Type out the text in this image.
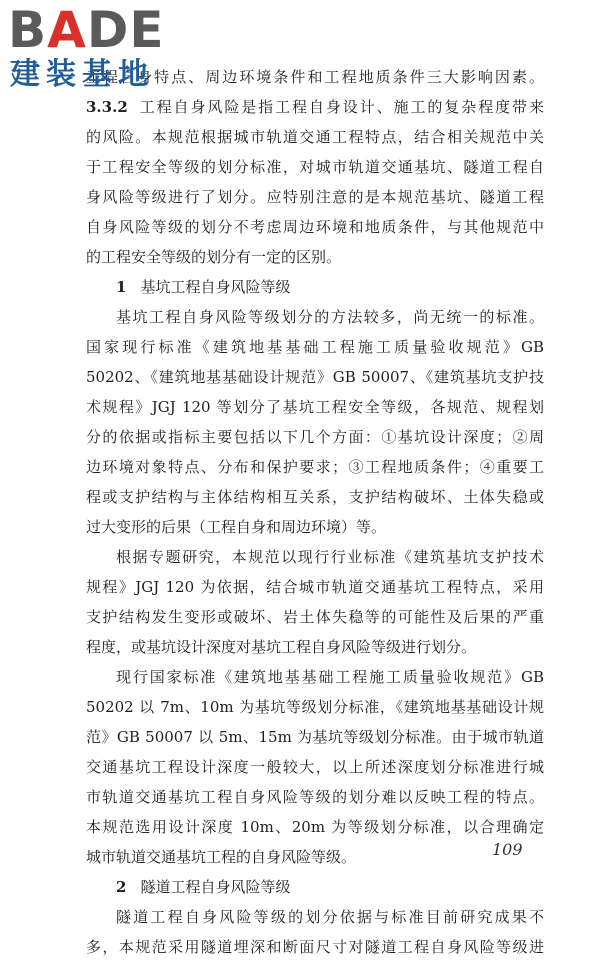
BADE
建装基地
工程自身特点、周边环境条件和工程地质条件三大影响因素。
3.3.2 工程自身风险是指工程自身设计、施工的复杂程度带来
的风险。本规范根据城市轨道交通工程特点，结合相关规范中关
于工程安全等级的划分标准，对城市轨道交通基坑、隧道工程自
身风险等级进行了划分。应特别注意的是本规范基坑、隧道工程
自身风险等级的划分不考虑周边环境和地质条件，与其他规范中
的工程安全等级的划分有一定的区别。
1 基坑工程自身风险等级
基坑工程自身风险等级划分的方法较多，尚无统一的标准。
国家现行标准《建筑地基基础工程施工质量验收规范》GB
50202、《建筑地基基础设计规范》GB 50007、《建筑基坑支护技
术规程》JGJ 120 等划分了基坑工程安全等级，各规范、规程划
分的依据或指标主要包括以下几个方面：①基坑设计深度；②周
边环境对象特点、分布和保护要求；③工程地质条件；④重要工
程或支护结构与主体结构相互关系，支护结构破坏、土体失稳或
过大变形的后果（工程自身和周边环境）等。
根据专题研究，本规范以现行行业标准《建筑基坑支护技术
规程》JGJ 120 为依据，结合城市轨道交通基坑工程特点，采用
支护结构发生变形或破坏、岩土体失稳等的可能性及后果的严重
程度，或基坑设计深度对基坑工程自身风险等级进行划分。
现行国家标准《建筑地基基础工程施工质量验收规范》GB
50202 以 7m、10m 为基坑等级划分标准，《建筑地基基础设计规
范》GB 50007 以 5m、15m 为基坑等级划分标准。由于城市轨道
交通基坑工程设计深度一般较大，以上所述深度划分标准进行城
市轨道交通基坑工程自身风险等级的划分难以反映工程的特点。
本规范选用设计深度 10m、20m 为等级划分标准，以合理确定
城市轨道交通基坑工程的自身风险等级。
2 隧道工程自身风险等级
隧道工程自身风险等级的划分依据与标准目前研究成果不
多，本规范采用隧道埋深和断面尺寸对隧道工程自身风险等级进
109
